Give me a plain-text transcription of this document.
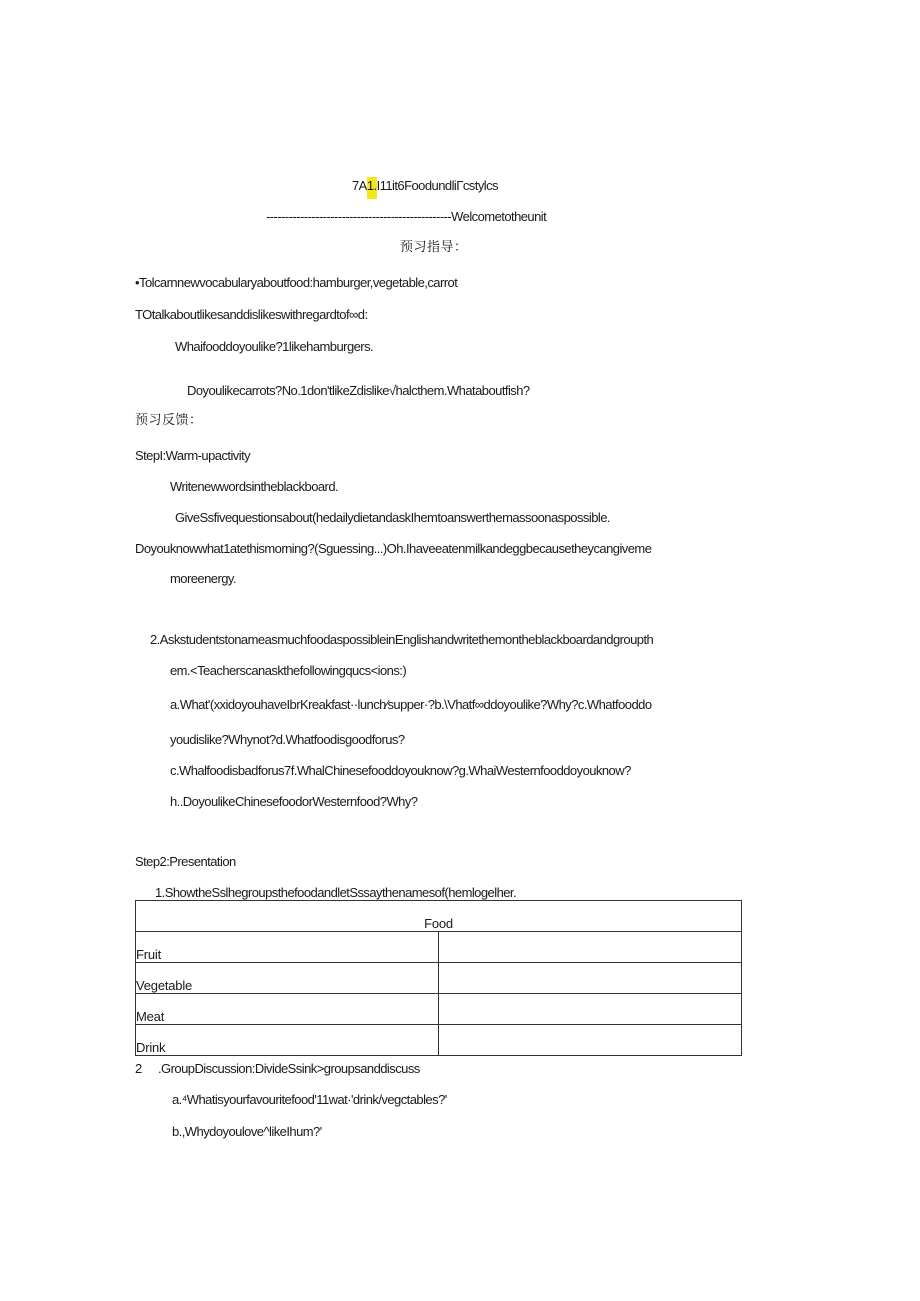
7A1.I11it6FoodundliΓcstylcs
-------------------------------------------------Welcometotheunit
预习指导：
•Tolcarnnewvocabularyaboutfood:hamburger,vegetable,carrot
TOtalkaboutlikesanddislikeswithregardtof∞d:
Whaifooddoyoulike?1likehamburgers.
Doyoulikecarrots?No.1don'tlikeZdislike√halcthem.Whataboutfish?
预习反馈：
StepI:Warm-upactivity
Writenewwordsintheblackboard.
GiveSsfivequestionsabout(hedailydietandaskIhemtoanswerthemassoonaspossible.
Doyouknowwhat1atethismorning?(Sguessing...)Oh.Ihaveeatenmilkandeggbecausetheycangiveme
moreenergy.
2.AskstudentstonameasmuchfoodaspossibleinEnglishandwritethemontheblackboardandgroupth
em.<Teacherscanaskthefollowingqucs<ions:)
a.What'(xxidoyouhaveIbrKreakfast··lunch∕supper·?b.\Vhatf∞ddoyoulike?Why?c.Whatfooddo
youdislike?Whynot?d.Whatfoodisgoodforus?
c.Whalfoodisbadforus7f.WhalChinesefooddoyouknow?g.WhaiWesternfooddoyouknow?
h..DoyoulikeChinesefoodorWesternfood?Why?
Step2:Presentation
1.ShowtheSslhegroupsthefoodandletSssaythenamesof(hemlogelher.
Food	
Fruit	
Vegetable	
Meat	
Drink	
2 .GroupDiscussion:DivideSsink>groupsanddiscuss
a.⁴Whatisyourfavouritefood'11wat·'drink/vegctables?'
b.,Whydoyoulove^likeIhum?'
